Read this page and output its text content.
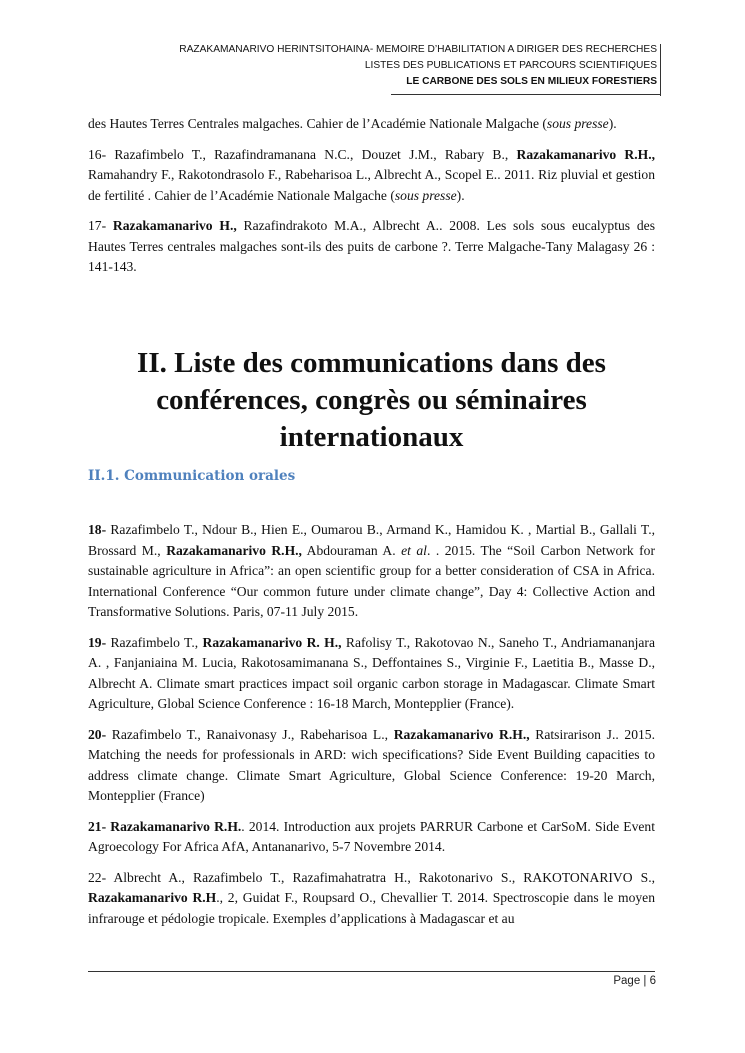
RAZAKAMANARIVO HERINTSITOHAINA- MEMOIRE D’HABILITATION A DIRIGER DES RECHERCHES
LISTES DES PUBLICATIONS ET PARCOURS SCIENTIFIQUES
LE CARBONE DES SOLS EN MILIEUX FORESTIERS

des Hautes Terres Centrales malgaches. Cahier de l’Académie Nationale Malgache (sous presse).

16- Razafimbelo T., Razafindramanana N.C., Douzet J.M., Rabary B., Razakamanarivo R.H., Ramahandry F., Rakotondrasolo F., Rabeharisoa L., Albrecht A., Scopel E.. 2011. Riz pluvial et gestion de fertilité . Cahier de l’Académie Nationale Malgache (sous presse).

17- Razakamanarivo H., Razafindrakoto M.A., Albrecht A.. 2008. Les sols sous eucalyptus des Hautes Terres centrales malgaches sont-ils des puits de carbone ?. Terre Malgache-Tany Malagasy 26 : 141-143.

II. Liste des communications dans des conférences, congrès ou séminaires internationaux
II.1. Communication orales

18- Razafimbelo T., Ndour B., Hien E., Oumarou B., Armand K., Hamidou K. , Martial B., Gallali T., Brossard M., Razakamanarivo R.H., Abdouraman A. et al. . 2015. The “Soil Carbon Network for sustainable agriculture in Africa”: an open scientific group for a better consideration of CSA in Africa. International Conference “Our common future under climate change”, Day 4: Collective Action and Transformative Solutions. Paris, 07-11 July 2015.

19- Razafimbelo T., Razakamanarivo R. H., Rafolisy T., Rakotovao N., Saneho T., Andriamananjara A. , Fanjaniaina M. Lucia, Rakotosamimanana S., Deffontaines S., Virginie F., Laetitia B., Masse D., Albrecht A. Climate smart practices impact soil organic carbon storage in Madagascar. Climate Smart Agriculture, Global Science Conference : 16-18 March, Montepplier (France).

20- Razafimbelo T., Ranaivonasy J., Rabeharisoa L., Razakamanarivo R.H., Ratsirarison J.. 2015. Matching the needs for professionals in ARD: wich specifications? Side Event Building capacities to address climate change. Climate Smart Agriculture, Global Science Conference: 19-20 March, Montepplier (France)

21- Razakamanarivo R.H.. 2014. Introduction aux projets PARRUR Carbone et CarSoM. Side Event Agroecology For Africa AfA, Antananarivo, 5-7 Novembre 2014.

22- Albrecht A., Razafimbelo T., Razafimahatratra H., Rakotonarivo S., RAKOTONARIVO S., Razakamanarivo R.H., 2, Guidat F., Roupsard O., Chevallier T. 2014. Spectroscopie dans le moyen infrarouge et pédologie tropicale. Exemples d’applications à Madagascar et au

Page | 6
